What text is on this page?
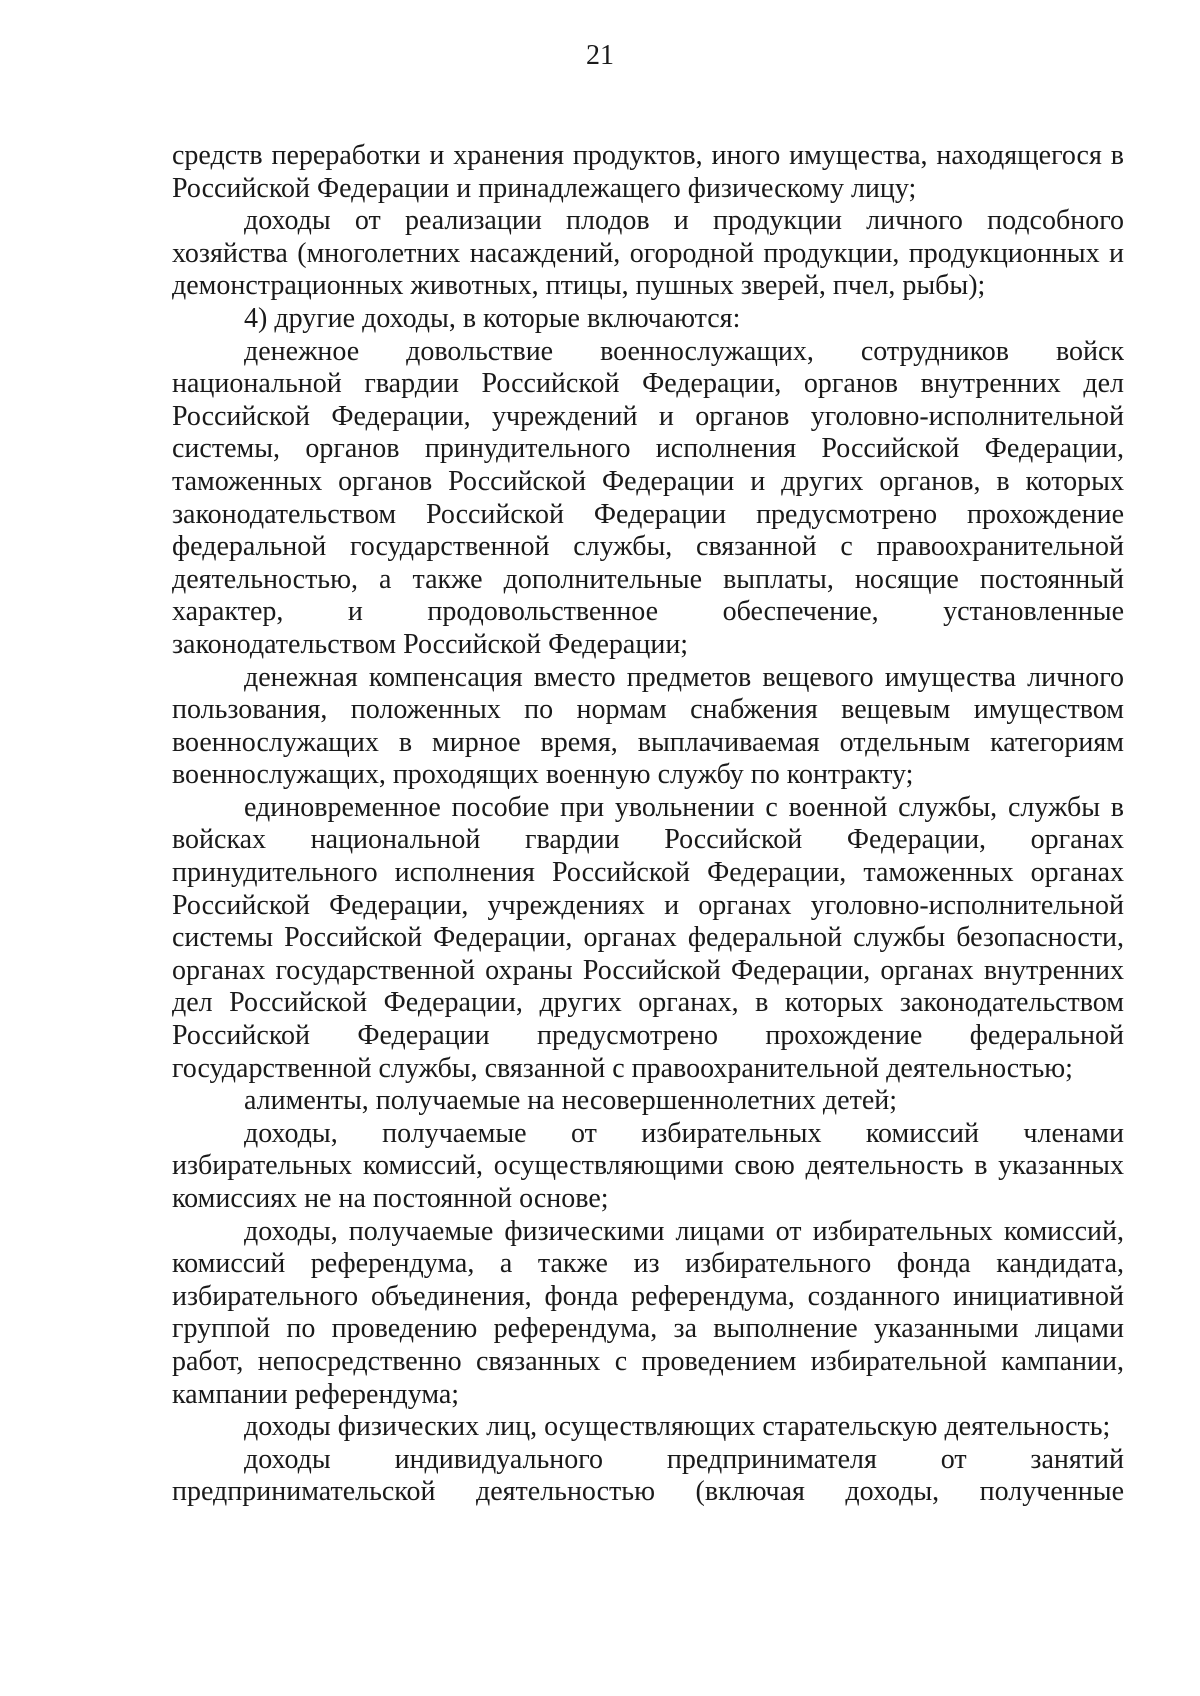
21

средств переработки и хранения продуктов, иного имущества, находящегося в Российской Федерации и принадлежащего физическому лицу;

доходы от реализации плодов и продукции личного подсобного хозяйства (многолетних насаждений, огородной продукции, продукционных и демонстрационных животных, птицы, пушных зверей, пчел, рыбы);

4) другие доходы, в которые включаются:

денежное довольствие военнослужащих, сотрудников войск национальной гвардии Российской Федерации, органов внутренних дел Российской Федерации, учреждений и органов уголовно-исполнительной системы, органов принудительного исполнения Российской Федерации, таможенных органов Российской Федерации и других органов, в которых законодательством Российской Федерации предусмотрено прохождение федеральной государственной службы, связанной с правоохранительной деятельностью, а также дополнительные выплаты, носящие постоянный характер, и продовольственное обеспечение, установленные законодательством Российской Федерации;

денежная компенсация вместо предметов вещевого имущества личного пользования, положенных по нормам снабжения вещевым имуществом военнослужащих в мирное время, выплачиваемая отдельным категориям военнослужащих, проходящих военную службу по контракту;

единовременное пособие при увольнении с военной службы, службы в войсках национальной гвардии Российской Федерации, органах принудительного исполнения Российской Федерации, таможенных органах Российской Федерации, учреждениях и органах уголовно-исполнительной системы Российской Федерации, органах федеральной службы безопасности, органах государственной охраны Российской Федерации, органах внутренних дел Российской Федерации, других органах, в которых законодательством Российской Федерации предусмотрено прохождение федеральной государственной службы, связанной с правоохранительной деятельностью;

алименты, получаемые на несовершеннолетних детей;

доходы, получаемые от избирательных комиссий членами избирательных комиссий, осуществляющими свою деятельность в указанных комиссиях не на постоянной основе;

доходы, получаемые физическими лицами от избирательных комиссий, комиссий референдума, а также из избирательного фонда кандидата, избирательного объединения, фонда референдума, созданного инициативной группой по проведению референдума, за выполнение указанными лицами работ, непосредственно связанных с проведением избирательной кампании, кампании референдума;

доходы физических лиц, осуществляющих старательскую деятельность;

доходы индивидуального предпринимателя от занятий предпринимательской деятельностью (включая доходы, полученные
